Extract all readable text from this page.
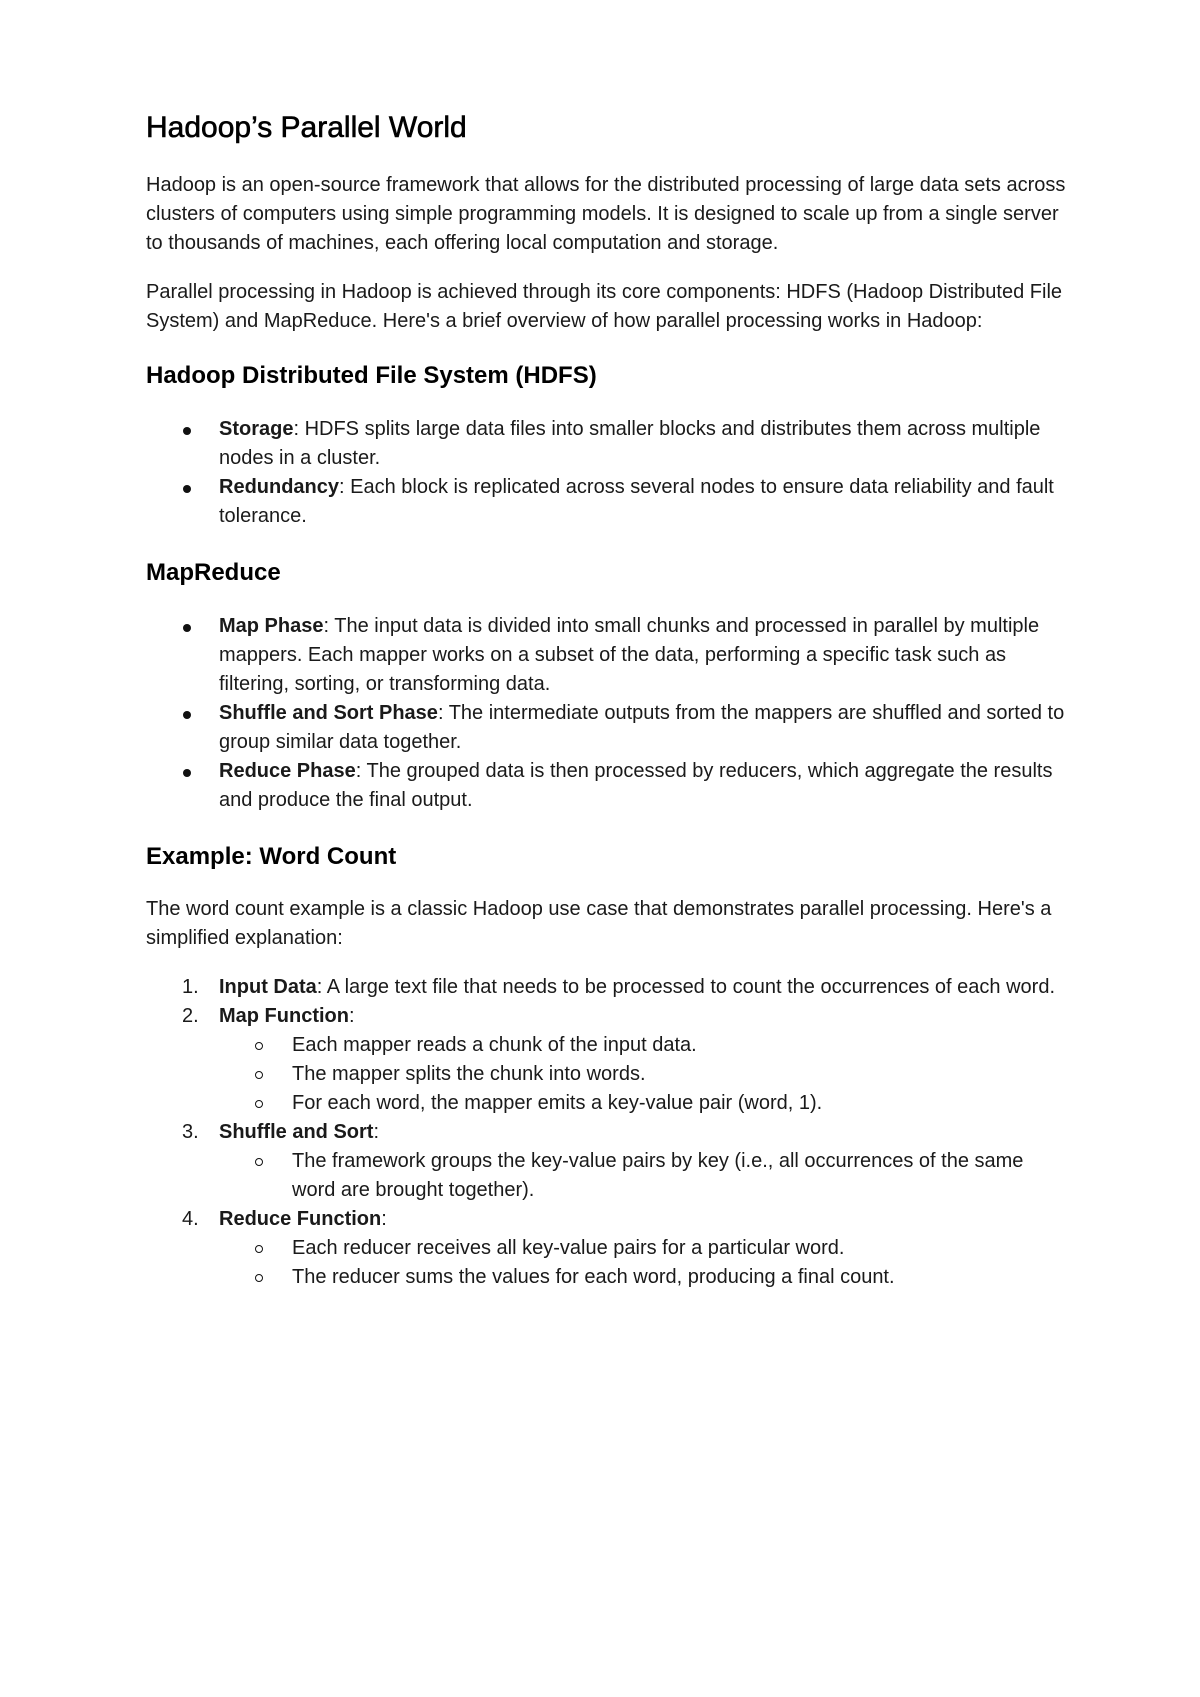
Hadoop’s Parallel World

Hadoop is an open-source framework that allows for the distributed processing of large data sets across clusters of computers using simple programming models. It is designed to scale up from a single server to thousands of machines, each offering local computation and storage.

Parallel processing in Hadoop is achieved through its core components: HDFS (Hadoop Distributed File System) and MapReduce. Here's a brief overview of how parallel processing works in Hadoop:

Hadoop Distributed File System (HDFS)
Storage: HDFS splits large data files into smaller blocks and distributes them across multiple nodes in a cluster.
Redundancy: Each block is replicated across several nodes to ensure data reliability and fault tolerance.
MapReduce
Map Phase: The input data is divided into small chunks and processed in parallel by multiple mappers. Each mapper works on a subset of the data, performing a specific task such as filtering, sorting, or transforming data.
Shuffle and Sort Phase: The intermediate outputs from the mappers are shuffled and sorted to group similar data together.
Reduce Phase: The grouped data is then processed by reducers, which aggregate the results and produce the final output.
Example: Word Count

The word count example is a classic Hadoop use case that demonstrates parallel processing. Here's a simplified explanation:

1. Input Data: A large text file that needs to be processed to count the occurrences of each word.
2. Map Function:
Each mapper reads a chunk of the input data.
The mapper splits the chunk into words.
For each word, the mapper emits a key-value pair (word, 1).
3. Shuffle and Sort:
The framework groups the key-value pairs by key (i.e., all occurrences of the same word are brought together).
4. Reduce Function:
Each reducer receives all key-value pairs for a particular word.
The reducer sums the values for each word, producing a final count.
